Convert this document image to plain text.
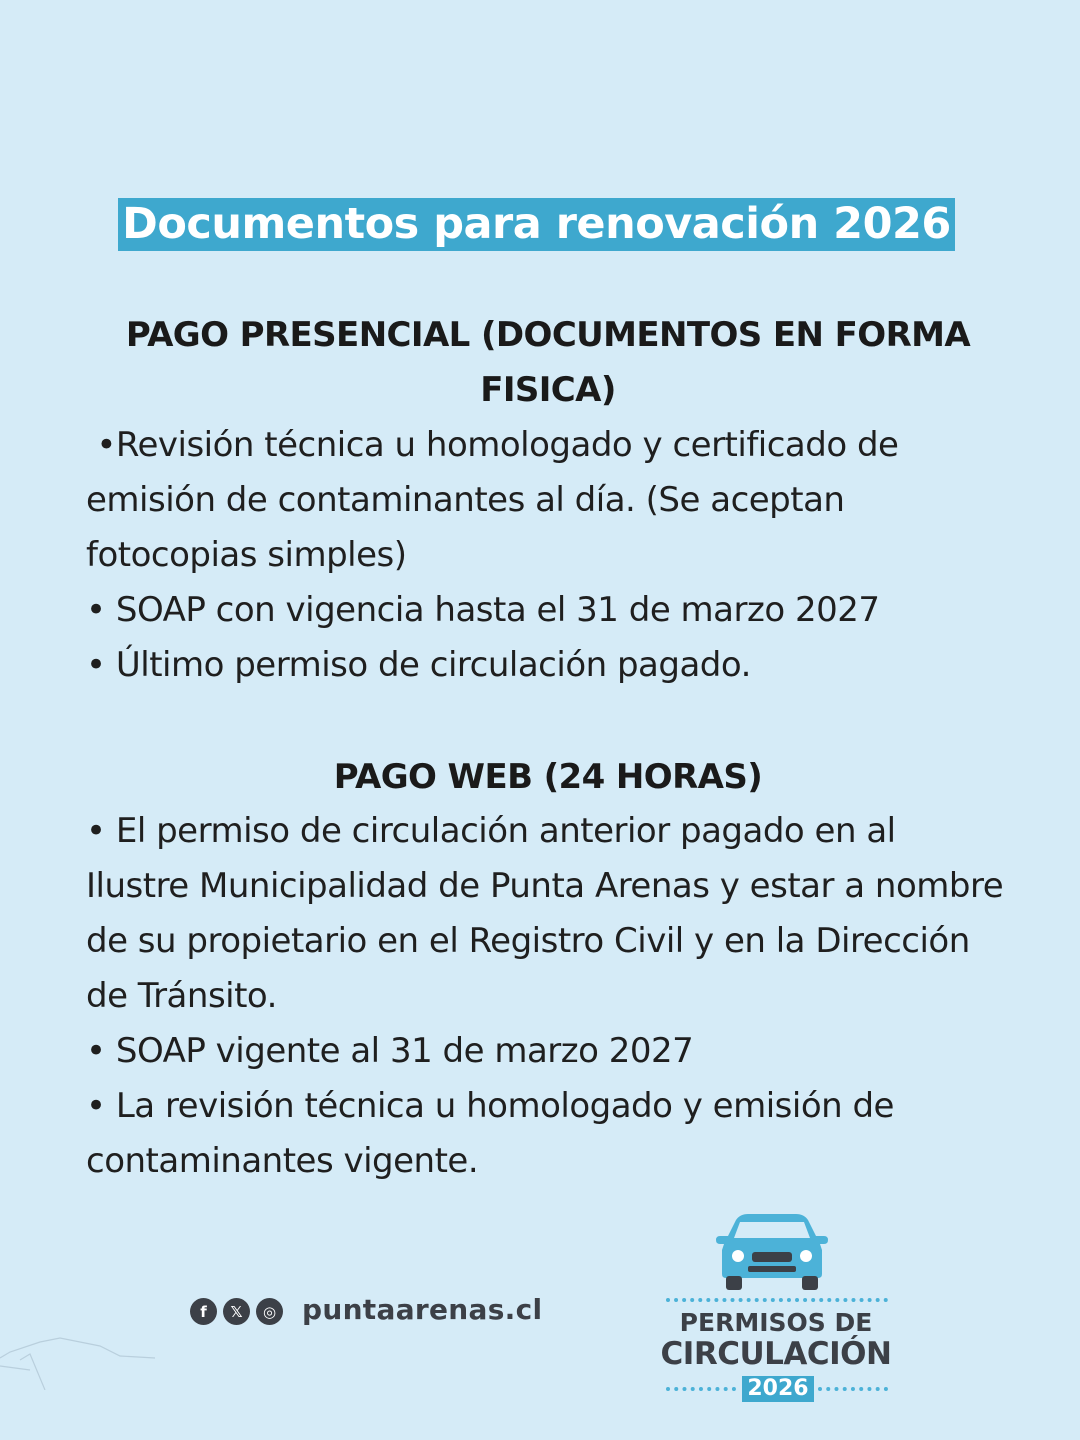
Documentos para renovación 2026
PAGO PRESENCIAL (DOCUMENTOS EN FORMA
FISICA)
•Revisión técnica u homologado y certificado de emisión de contaminantes al día. (Se aceptan fotocopias simples)
• SOAP con vigencia hasta el 31 de marzo 2027
• Último permiso de circulación pagado.
PAGO WEB (24 HORAS)
• El permiso de circulación anterior pagado en al Ilustre Municipalidad de Punta Arenas y estar a nombre de su propietario en el Registro Civil y en la Dirección de Tránsito.
• SOAP vigente al 31 de marzo 2027
• La revisión técnica u homologado y emisión de contaminantes vigente.
f	𝕏	◎ puntaarenas.cl	PERMISOS DE
CIRCULACIÓN
2026
